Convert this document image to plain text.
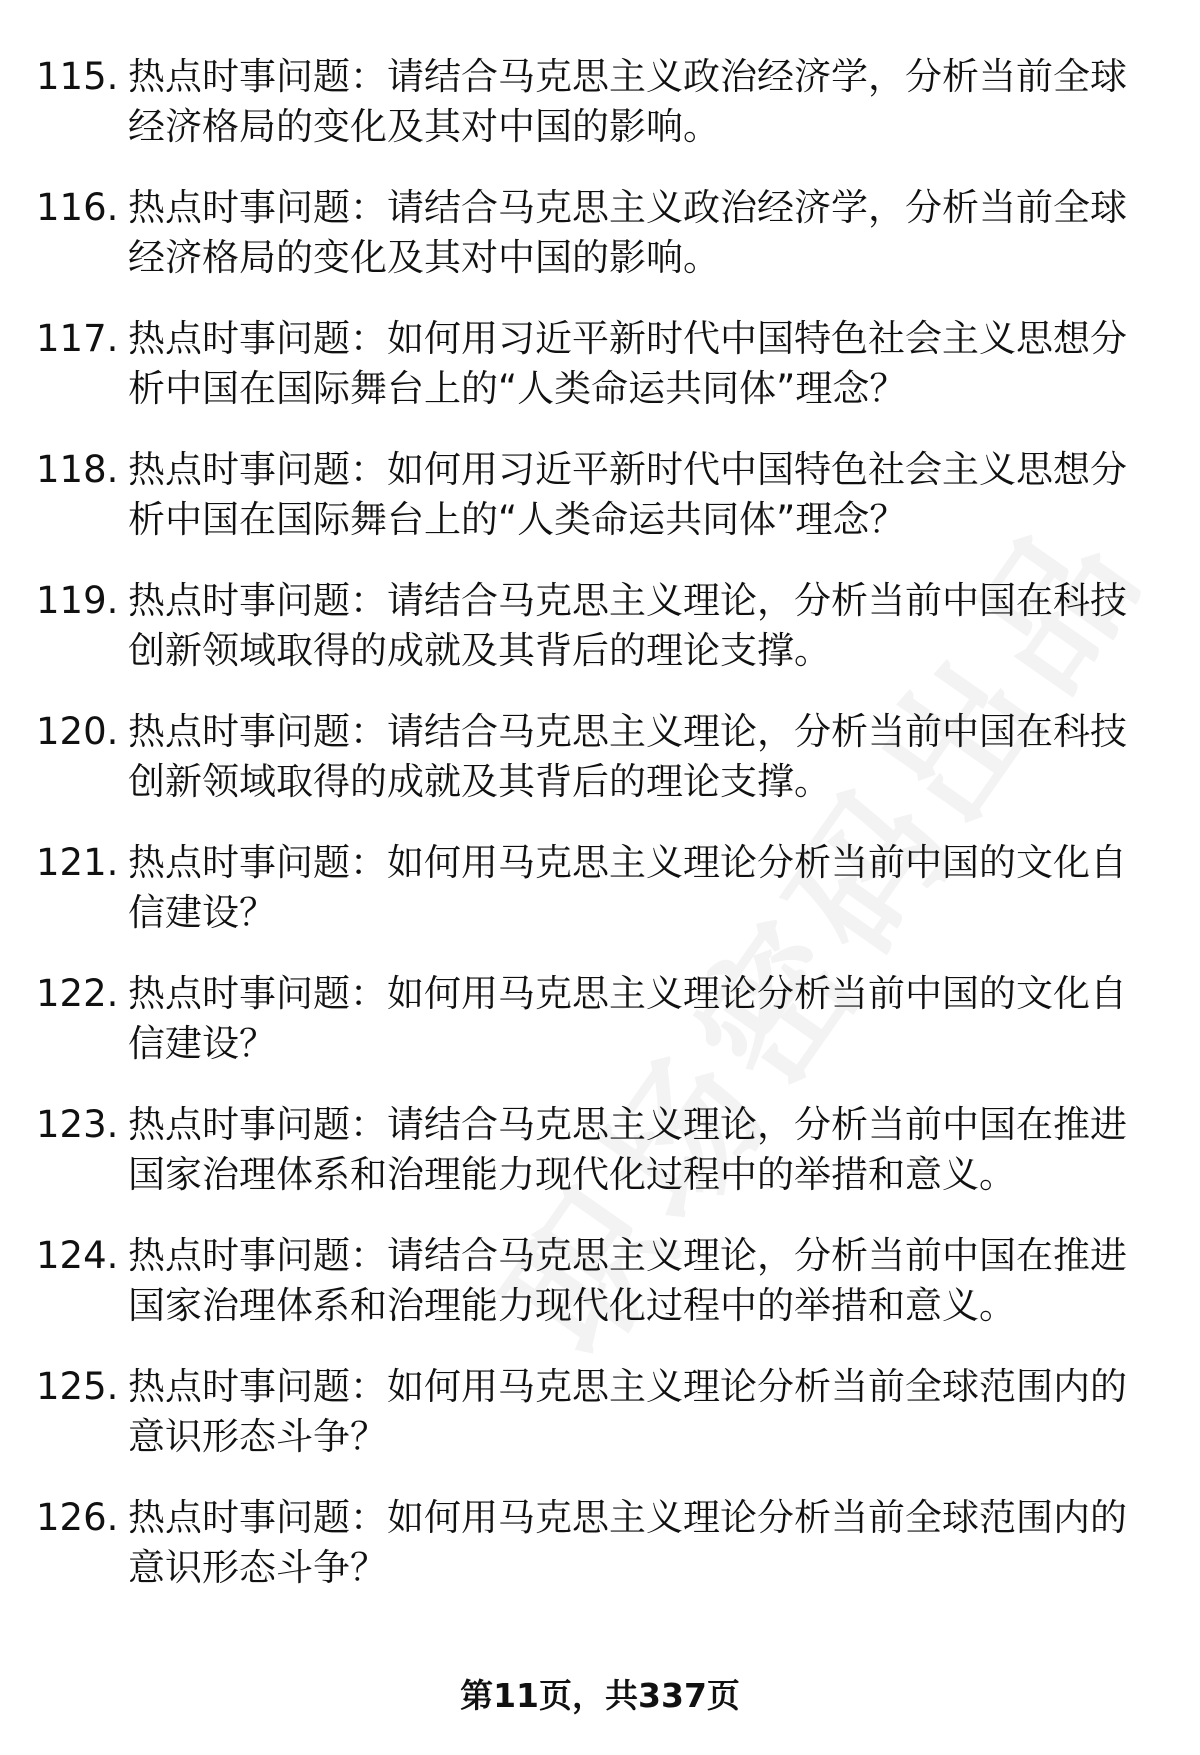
115. 热点时事问题：请结合马克思主义政治经济学，分析当前全球经济格局的变化及其对中国的影响。
116. 热点时事问题：请结合马克思主义政治经济学，分析当前全球经济格局的变化及其对中国的影响。
117. 热点时事问题：如何用习近平新时代中国特色社会主义思想分析中国在国际舞台上的“人类命运共同体”理念？
118. 热点时事问题：如何用习近平新时代中国特色社会主义思想分析中国在国际舞台上的“人类命运共同体”理念？
119. 热点时事问题：请结合马克思主义理论，分析当前中国在科技创新领域取得的成就及其背后的理论支撑。
120. 热点时事问题：请结合马克思主义理论，分析当前中国在科技创新领域取得的成就及其背后的理论支撑。
121. 热点时事问题：如何用马克思主义理论分析当前中国的文化自信建设？
122. 热点时事问题：如何用马克思主义理论分析当前中国的文化自信建设？
123. 热点时事问题：请结合马克思主义理论，分析当前中国在推进国家治理体系和治理能力现代化过程中的举措和意义。
124. 热点时事问题：请结合马克思主义理论，分析当前中国在推进国家治理体系和治理能力现代化过程中的举措和意义。
125. 热点时事问题：如何用马克思主义理论分析当前全球范围内的意识形态斗争？
126. 热点时事问题：如何用马克思主义理论分析当前全球范围内的意识形态斗争？
第11页，共337页
